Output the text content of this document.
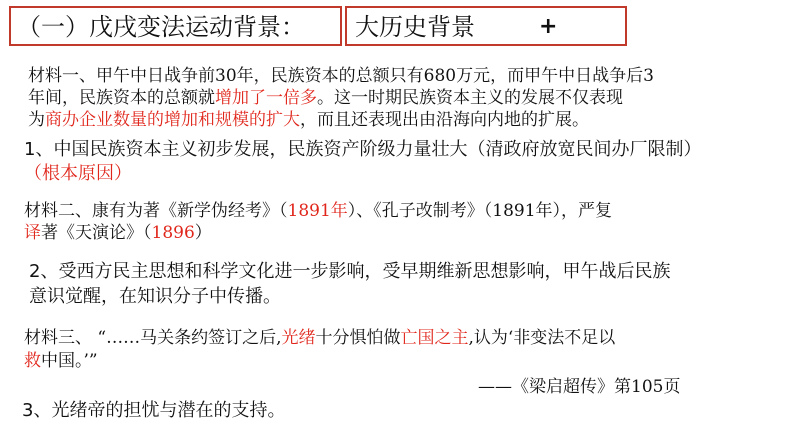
（一）戊戌变法运动背景： 大历史背景	+
材料一、甲午中日战争前30年，民族资本的总额只有680万元，而甲午中日战争后3
年间，民族资本的总额就增加了一倍多。这一时期民族资本主义的发展不仅表现
为商办企业数量的增加和规模的扩大，而且还表现出由沿海向内地的扩展。
1、中国民族资本主义初步发展，民族资产阶级力量壮大（清政府放宽民间办厂限制）
（根本原因）
材料二、康有为著《新学伪经考》（1891年）、《孔子改制考》（1891年），严复
译著《天演论》（1896）
2、受西方民主思想和科学文化进一步影响，受早期维新思想影响，甲午战后民族
意识觉醒，在知识分子中传播。
材料三、 “……马关条约签订之后,光绪十分惧怕做亡国之主,认为‘非变法不足以
救中国。’”
——《梁启超传》第105页
3、光绪帝的担忧与潜在的支持。
